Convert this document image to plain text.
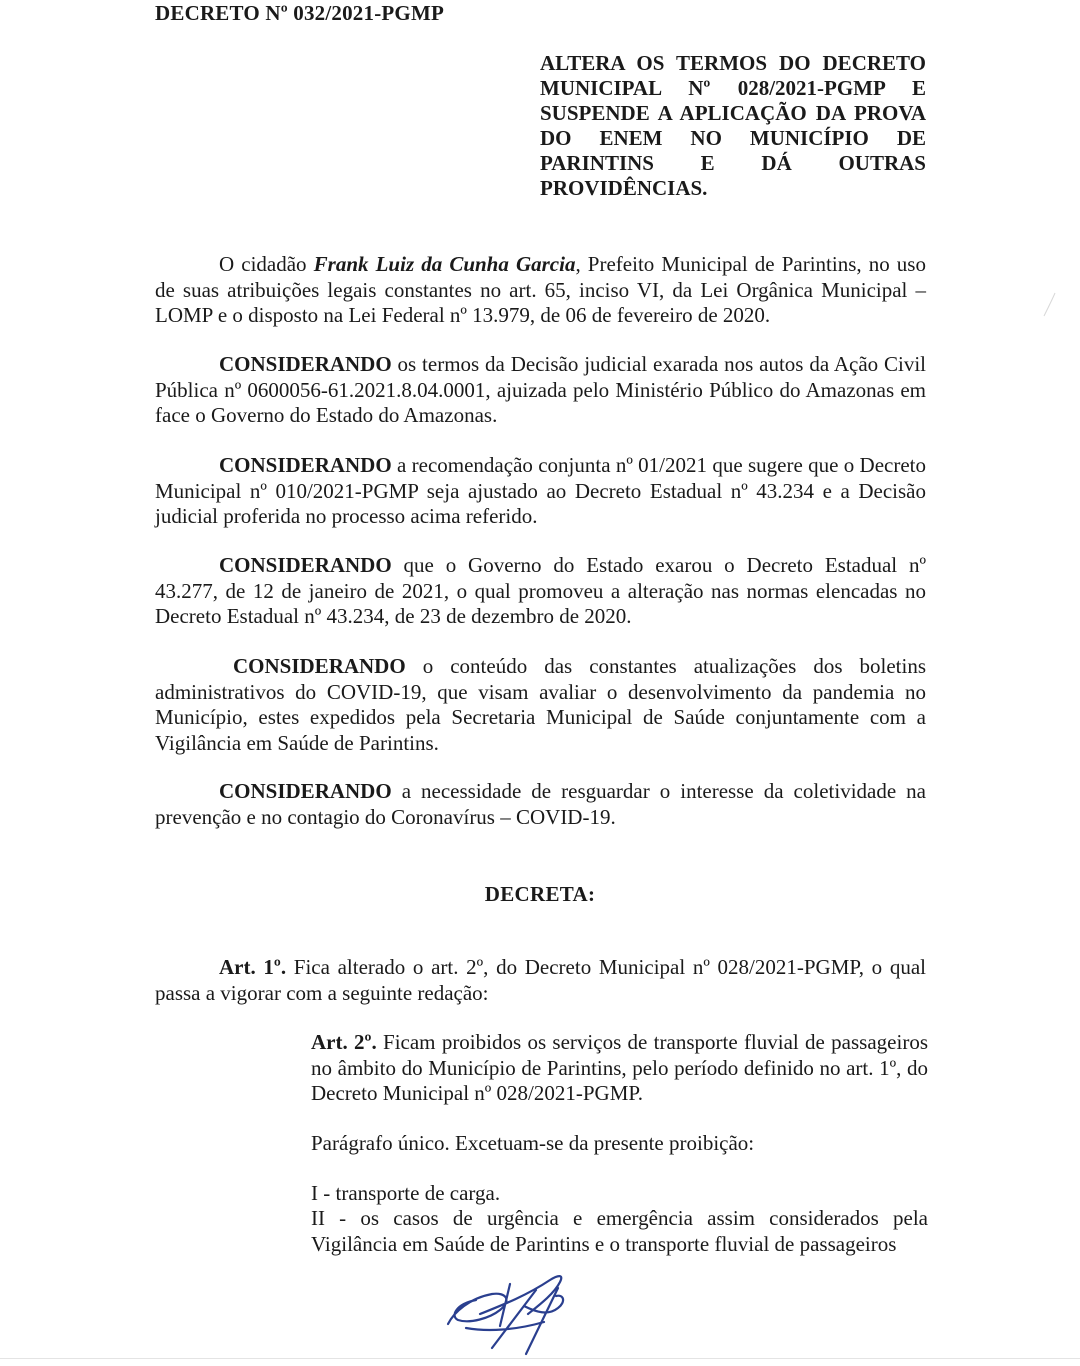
DECRETO Nº 032/2021-PGMP

ALTERA OS TERMOS DO DECRETO MUNICIPAL Nº 028/2021-PGMP E SUSPENDE A APLICAÇÃO DA PROVA DO ENEM NO MUNICÍPIO DE PARINTINS E DÁ OUTRAS PROVIDÊNCIAS.

O cidadão Frank Luiz da Cunha Garcia, Prefeito Municipal de Parintins, no uso de suas atribuições legais constantes no art. 65, inciso VI, da Lei Orgânica Municipal – LOMP e o disposto na Lei Federal nº 13.979, de 06 de fevereiro de 2020.

CONSIDERANDO os termos da Decisão judicial exarada nos autos da Ação Civil Pública nº 0600056-61.2021.8.04.0001, ajuizada pelo Ministério Público do Amazonas em face o Governo do Estado do Amazonas.

CONSIDERANDO a recomendação conjunta nº 01/2021 que sugere que o Decreto Municipal nº 010/2021-PGMP seja ajustado ao Decreto Estadual nº 43.234 e a Decisão judicial proferida no processo acima referido.

CONSIDERANDO que o Governo do Estado exarou o Decreto Estadual nº 43.277, de 12 de janeiro de 2021, o qual promoveu a alteração nas normas elencadas no Decreto Estadual nº 43.234, de 23 de dezembro de 2020.

CONSIDERANDO o conteúdo das constantes atualizações dos boletins administrativos do COVID-19, que visam avaliar o desenvolvimento da pandemia no Município, estes expedidos pela Secretaria Municipal de Saúde conjuntamente com a Vigilância em Saúde de Parintins.

CONSIDERANDO a necessidade de resguardar o interesse da coletividade na prevenção e no contagio do Coronavírus – COVID-19.

DECRETA:

Art. 1º. Fica alterado o art. 2º, do Decreto Municipal nº 028/2021-PGMP, o qual passa a vigorar com a seguinte redação:

Art. 2º. Ficam proibidos os serviços de transporte fluvial de passageiros no âmbito do Município de Parintins, pelo período definido no art. 1º, do Decreto Municipal nº 028/2021-PGMP.

Parágrafo único. Excetuam-se da presente proibição:

I - transporte de carga.

II - os casos de urgência e emergência assim considerados pela Vigilância em Saúde de Parintins e o transporte fluvial de passageiros
